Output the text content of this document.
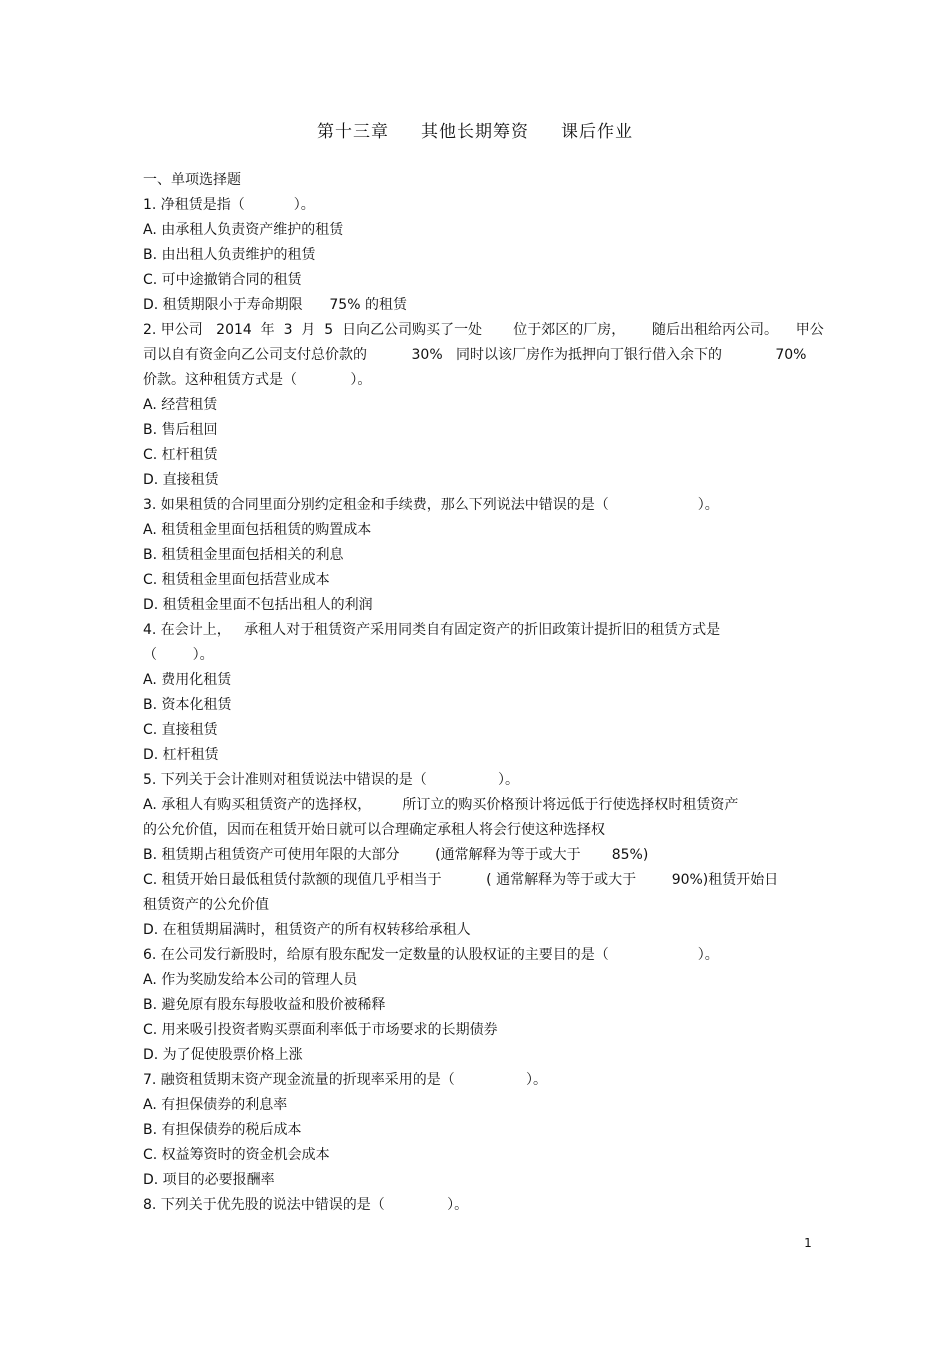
第十三章     其他长期筹资     课后作业
一、单项选择题
1. 净租赁是指（           ）。
A. 由承租人负责资产维护的租赁
B. 由出租人负责维护的租赁
C. 可中途撤销合同的租赁
D. 租赁期限小于寿命期限      75% 的租赁
2. 甲公司   2014  年  3  月  5  日向乙公司购买了一处       位于郊区的厂房，      随后出租给丙公司。    甲公
司以自有资金向乙公司支付总价款的          30%   同时以该厂房作为抵押向丁银行借入余下的            70%
价款。这种租赁方式是（            ）。
A. 经营租赁
B. 售后租回
C. 杠杆租赁
D. 直接租赁
3. 如果租赁的合同里面分别约定租金和手续费，那么下列说法中错误的是（                    ）。
A. 租赁租金里面包括租赁的购置成本
B. 租赁租金里面包括相关的利息
C. 租赁租金里面包括营业成本
D. 租赁租金里面不包括出租人的利润
4. 在会计上，   承租人对于租赁资产采用同类自有固定资产的折旧政策计提折旧的租赁方式是
（        ）。
A. 费用化租赁
B. 资本化租赁
C. 直接租赁
D. 杠杆租赁
5. 下列关于会计准则对租赁说法中错误的是（                ）。
A. 承租人有购买租赁资产的选择权，       所订立的购买价格预计将远低于行使选择权时租赁资产
的公允价值，因而在租赁开始日就可以合理确定承租人将会行使这种选择权
B. 租赁期占租赁资产可使用年限的大部分        (通常解释为等于或大于       85%)
C. 租赁开始日最低租赁付款额的现值几乎相当于          ( 通常解释为等于或大于        90%)租赁开始日
租赁资产的公允价值
D. 在租赁期届满时，租赁资产的所有权转移给承租人
6. 在公司发行新股时，给原有股东配发一定数量的认股权证的主要目的是（                    ）。
A. 作为奖励发给本公司的管理人员
B. 避免原有股东每股收益和股价被稀释
C. 用来吸引投资者购买票面利率低于市场要求的长期债券
D. 为了促使股票价格上涨
7. 融资租赁期末资产现金流量的折现率采用的是（                ）。
A. 有担保债券的利息率
B. 有担保债券的税后成本
C. 权益筹资时的资金机会成本
D. 项目的必要报酬率
8. 下列关于优先股的说法中错误的是（              ）。
1
